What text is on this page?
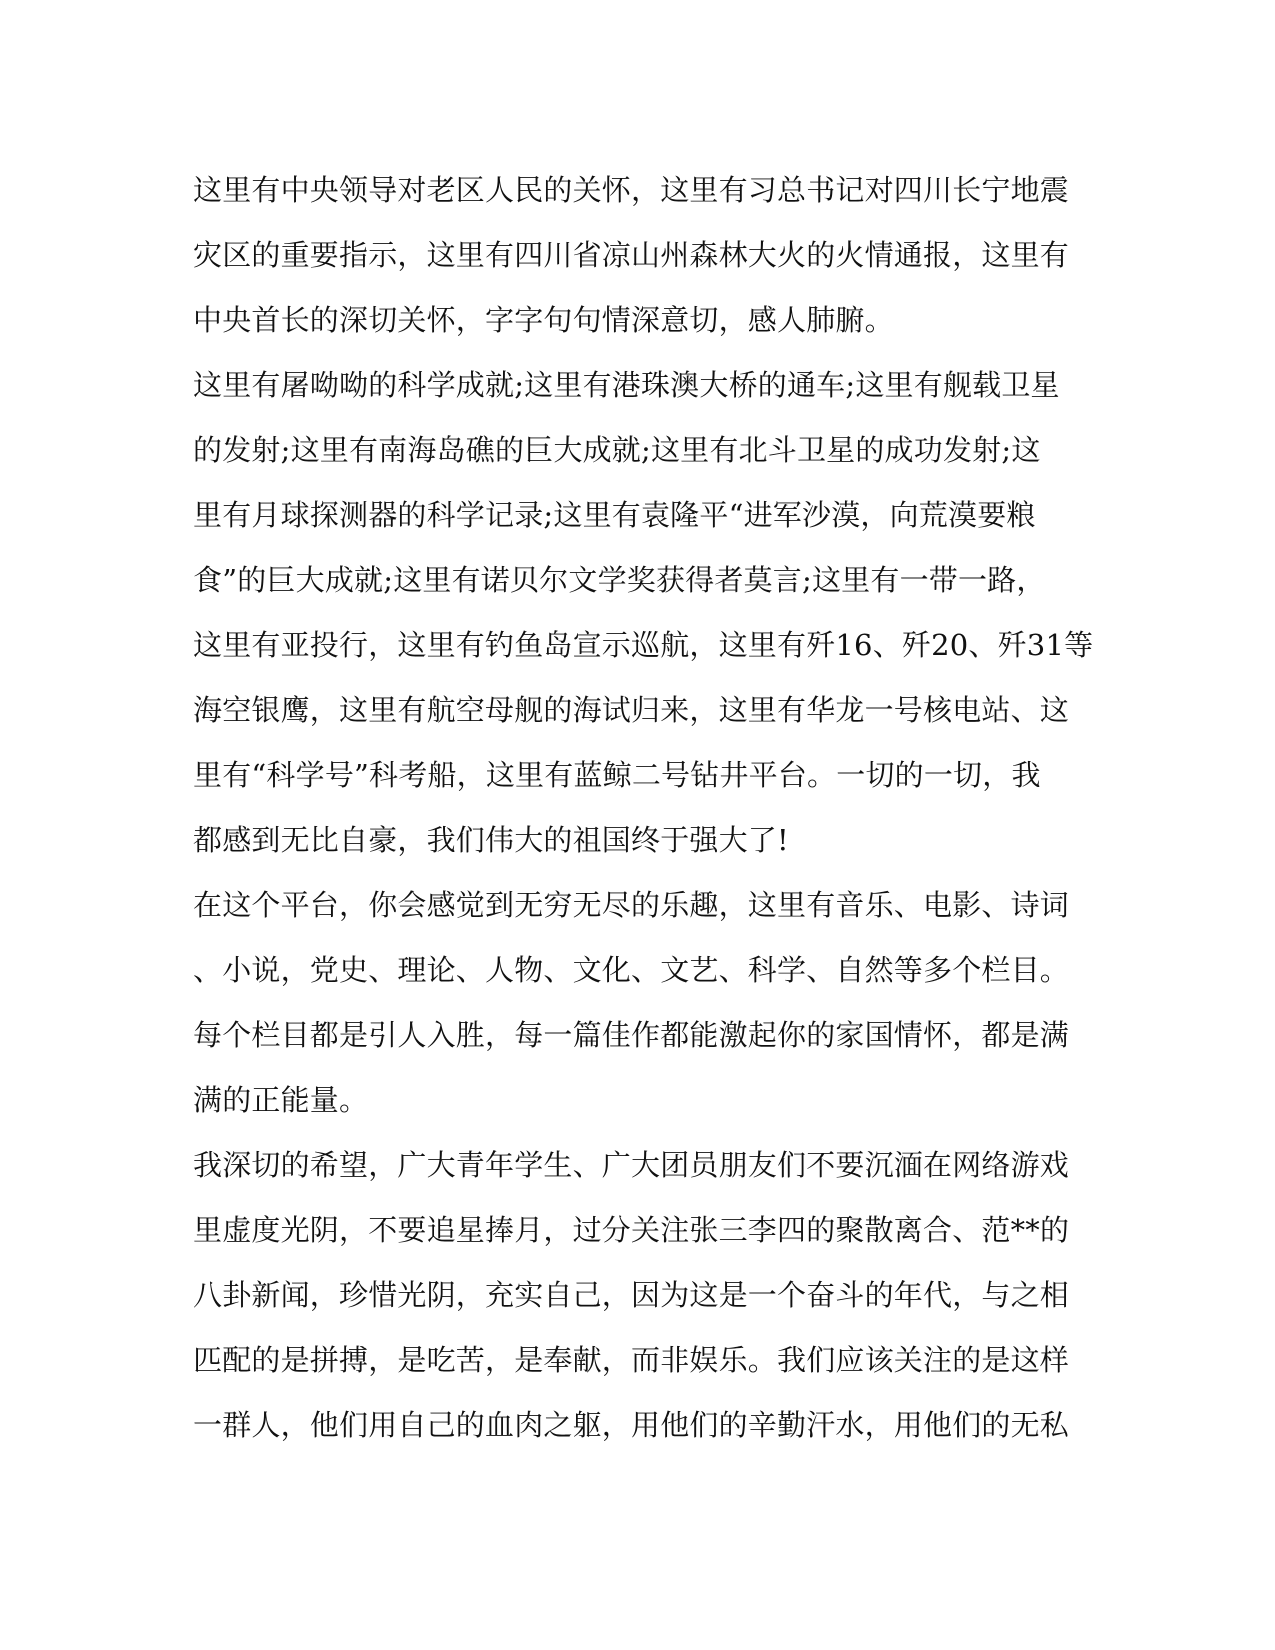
这里有中央领导对老区人民的关怀，这里有习总书记对四川长宁地震
灾区的重要指示，这里有四川省凉山州森林大火的火情通报，这里有
中央首长的深切关怀，字字句句情深意切，感人肺腑。
这里有屠呦呦的科学成就;这里有港珠澳大桥的通车;这里有舰载卫星
的发射;这里有南海岛礁的巨大成就;这里有北斗卫星的成功发射;这
里有月球探测器的科学记录;这里有袁隆平“进军沙漠，向荒漠要粮
食”的巨大成就;这里有诺贝尔文学奖获得者莫言;这里有一带一路，
这里有亚投行，这里有钓鱼岛宣示巡航，这里有歼16、歼20、歼31等
海空银鹰，这里有航空母舰的海试归来，这里有华龙一号核电站、这
里有“科学号”科考船，这里有蓝鲸二号钻井平台。一切的一切，我
都感到无比自豪，我们伟大的祖国终于强大了!
在这个平台，你会感觉到无穷无尽的乐趣，这里有音乐、电影、诗词
、小说，党史、理论、人物、文化、文艺、科学、自然等多个栏目。
每个栏目都是引人入胜，每一篇佳作都能激起你的家国情怀，都是满
满的正能量。
我深切的希望，广大青年学生、广大团员朋友们不要沉湎在网络游戏
里虚度光阴，不要追星捧月，过分关注张三李四的聚散离合、范**的
八卦新闻，珍惜光阴，充实自己，因为这是一个奋斗的年代，与之相
匹配的是拼搏，是吃苦，是奉献，而非娱乐。我们应该关注的是这样
一群人，他们用自己的血肉之躯，用他们的辛勤汗水，用他们的无私
